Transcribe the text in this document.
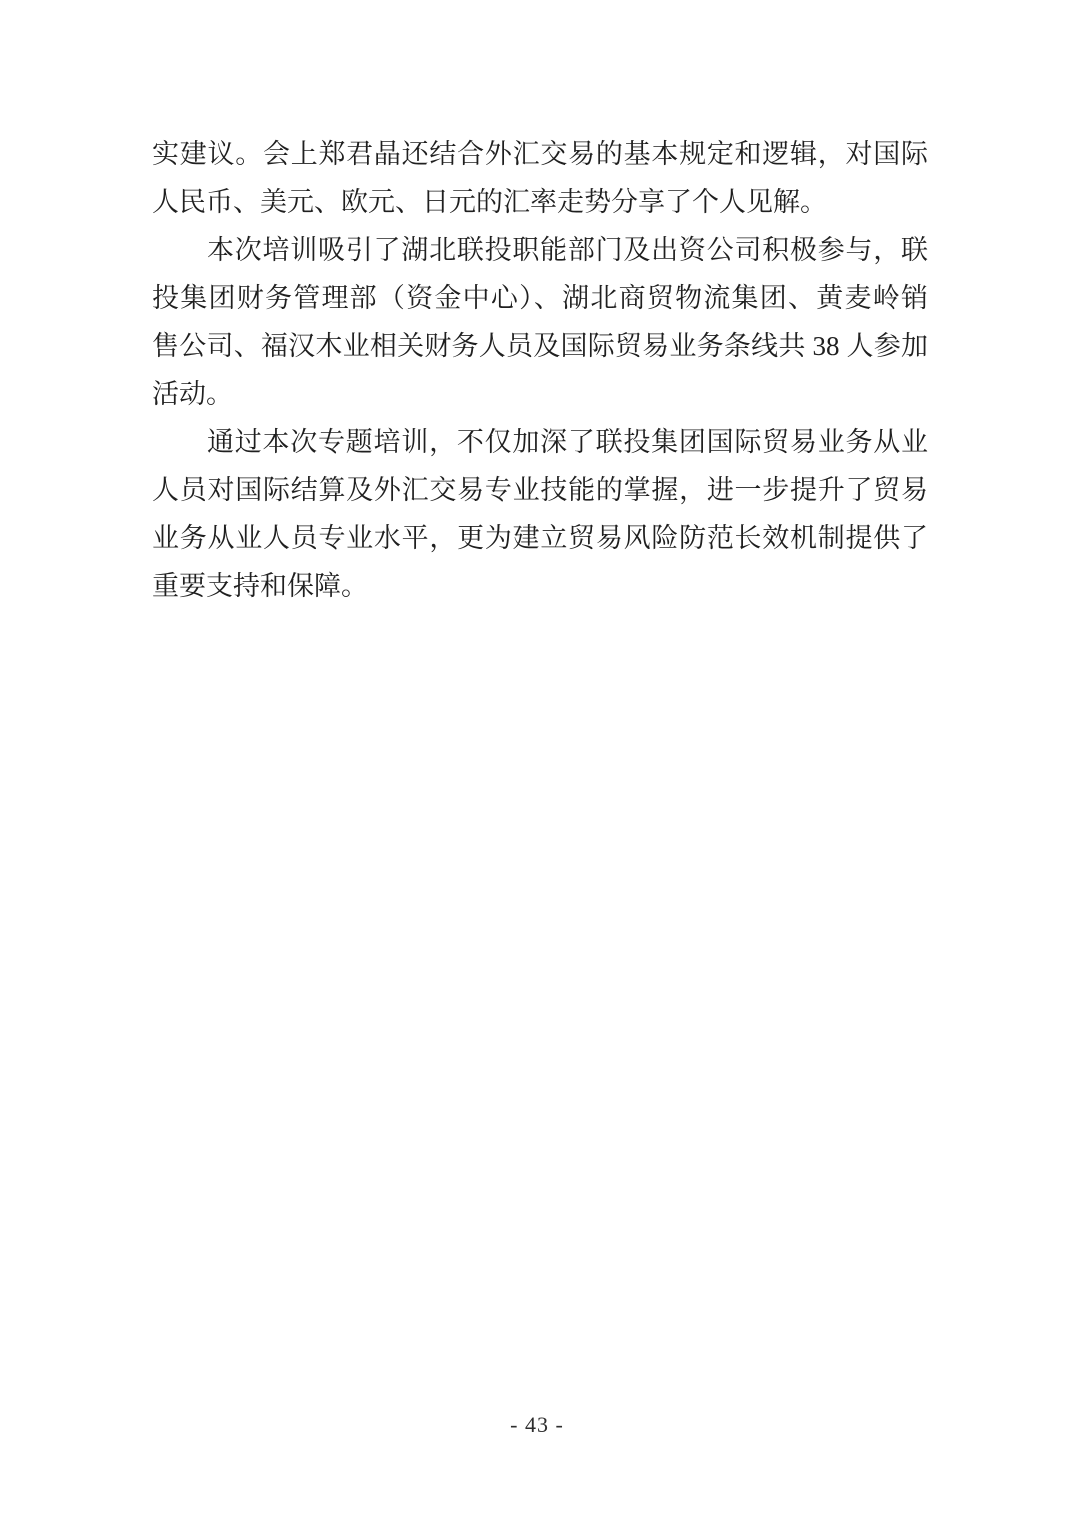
实建议。会上郑君晶还结合外汇交易的基本规定和逻辑，对国际
人民币、美元、欧元、日元的汇率走势分享了个人见解。
本次培训吸引了湖北联投职能部门及出资公司积极参与，联
投集团财务管理部（资金中心）、湖北商贸物流集团、黄麦岭销
售公司、福汉木业相关财务人员及国际贸易业务条线共 38 人参加
活动。
通过本次专题培训，不仅加深了联投集团国际贸易业务从业
人员对国际结算及外汇交易专业技能的掌握，进一步提升了贸易
业务从业人员专业水平，更为建立贸易风险防范长效机制提供了
重要支持和保障。
- 43 -
